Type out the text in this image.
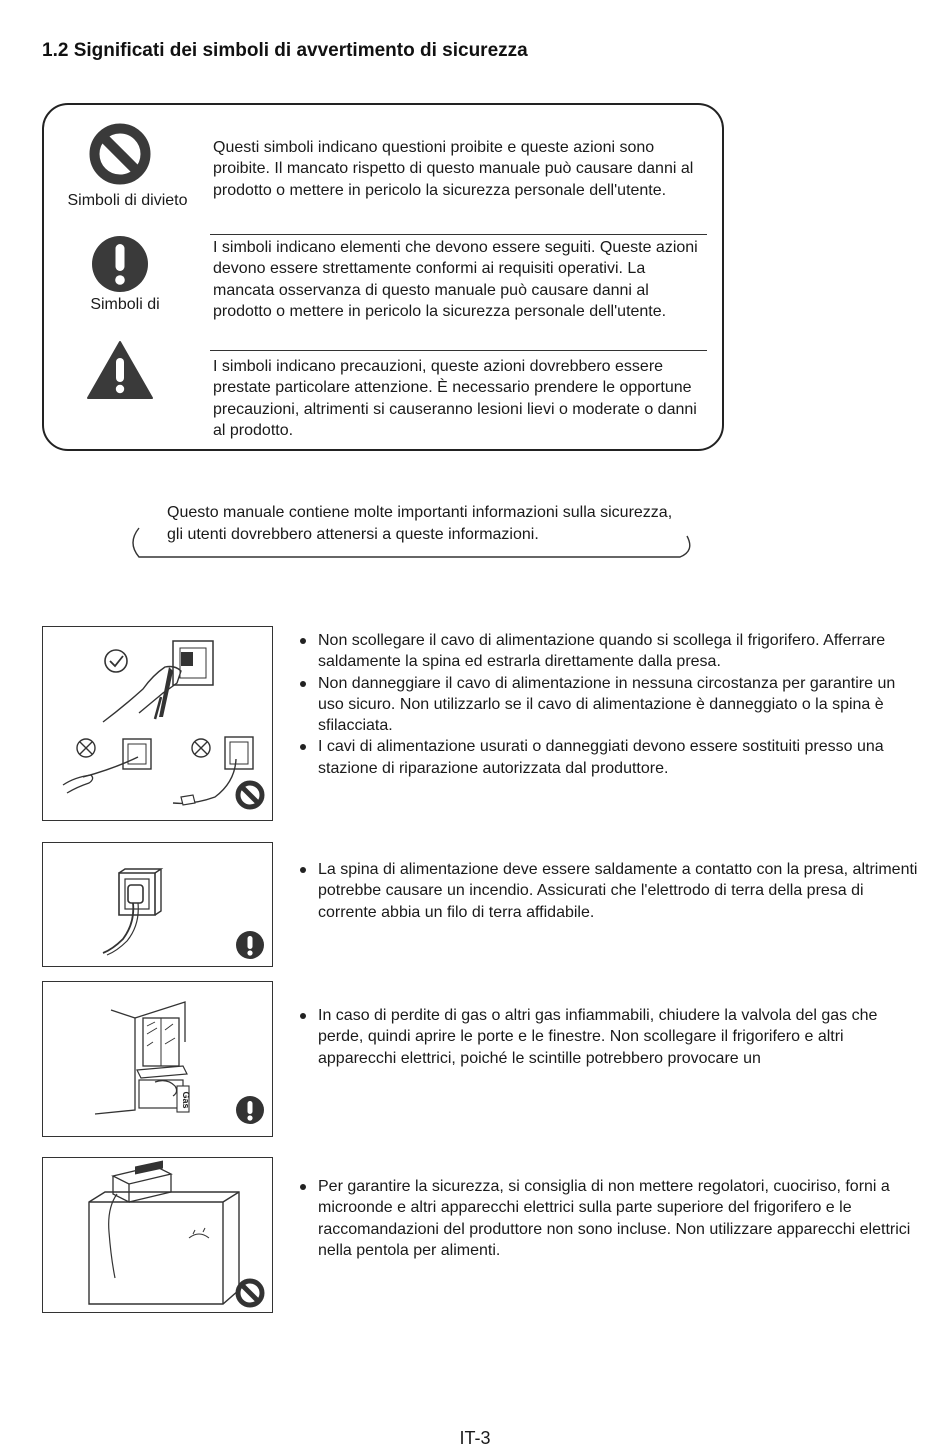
1.2 Significati dei simboli di avvertimento di sicurezza
Simboli di divieto
Questi simboli indicano questioni proibite e queste azioni sono proibite. Il mancato rispetto di questo manuale può causare danni al prodotto o mettere in pericolo la sicurezza personale dell'utente.
Simboli di
I simboli indicano elementi che devono essere seguiti. Queste azioni devono essere strettamente conformi ai requisiti operativi. La mancata osservanza di questo manuale può causare danni al prodotto o mettere in pericolo la sicurezza personale dell'utente.
I simboli indicano precauzioni, queste azioni dovrebbero essere prestate particolare attenzione. È necessario prendere le opportune precauzioni, altrimenti si causeranno lesioni lievi o moderate o danni al prodotto.
Questo manuale contiene molte importanti informazioni sulla sicurezza, gli utenti dovrebbero attenersi a queste informazioni.
Non scollegare il cavo di alimentazione quando si scollega il frigorifero. Afferrare saldamente la spina ed estrarla direttamente dalla presa.
Non danneggiare il cavo di alimentazione in nessuna circostanza per garantire un uso sicuro. Non utilizzarlo se il cavo di alimentazione è danneggiato o la spina è sfilacciata.
I cavi di alimentazione usurati o danneggiati devono essere sostituiti presso una stazione di riparazione autorizzata dal produttore.
La spina di alimentazione deve essere saldamente a contatto con la presa, altrimenti potrebbe causare un incendio. Assicurati che l'elettrodo di terra della presa di corrente abbia un filo di terra affidabile.
Gas
In caso di perdite di gas o altri gas infiammabili, chiudere la valvola del gas che perde, quindi aprire le porte e le finestre. Non scollegare il frigorifero e altri apparecchi elettrici, poiché le scintille potrebbero provocare un
Per garantire la sicurezza, si consiglia di non mettere regolatori, cuociriso, forni a microonde e altri apparecchi elettrici sulla parte superiore del frigorifero e le raccomandazioni del produttore non sono incluse. Non utilizzare apparecchi elettrici nella pentola per alimenti.
IT-3
